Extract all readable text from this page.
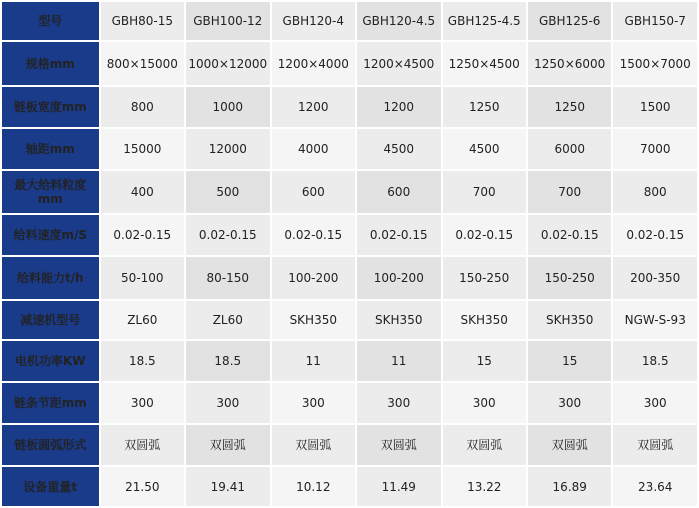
型号	GBH80-15	GBH100-12	GBH120-4	GBH120-4.5	GBH125-4.5	GBH125-6	GBH150-7
规格mm	800×15000	1000×12000	1200×4000	1200×4500	1250×4500	1250×6000	1500×7000
链板宽度mm	800	1000	1200	1200	1250	1250	1500
轴距mm	15000	12000	4000	4500	4500	6000	7000
最大给料粒度mm	400	500	600	600	700	700	800
给料速度m/S	0.02-0.15	0.02-0.15	0.02-0.15	0.02-0.15	0.02-0.15	0.02-0.15	0.02-0.15
给料能力t/h	50-100	80-150	100-200	100-200	150-250	150-250	200-350
减速机型号	ZL60	ZL60	SKH350	SKH350	SKH350	SKH350	NGW-S-93
电机功率KW	18.5	18.5	11	11	15	15	18.5
链条节距mm	300	300	300	300	300	300	300
链板圆弧形式	双圆弧	双圆弧	双圆弧	双圆弧	双圆弧	双圆弧	双圆弧
设备重量t	21.50	19.41	10.12	11.49	13.22	16.89	23.64
